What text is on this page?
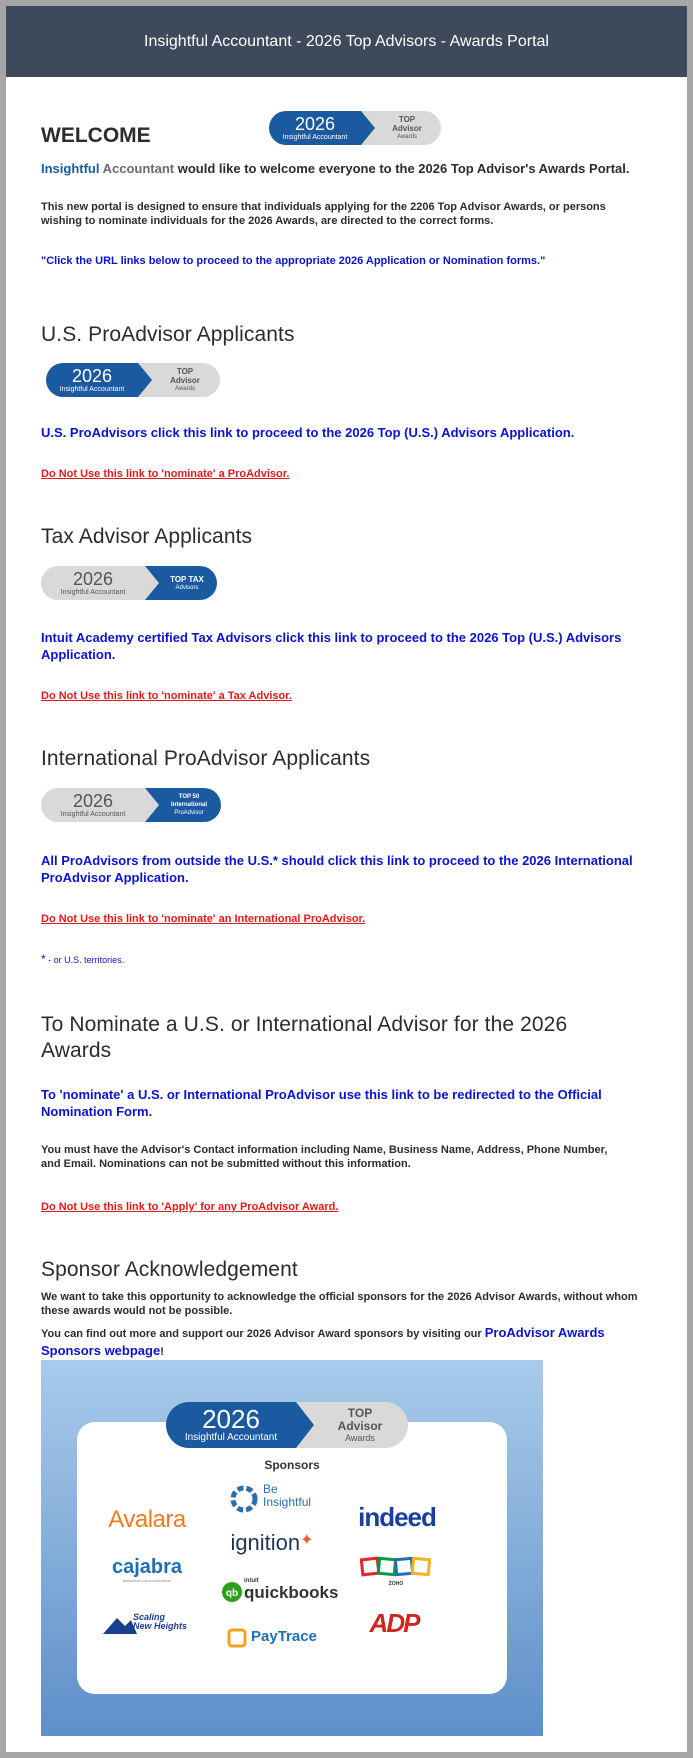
Insightful Accountant - 2026 Top Advisors - Awards Portal
WELCOME
2026
Insightful Accountant
TOP
Advisor
Awards
Insightful Accountant would like to welcome everyone to the 2026 Top Advisor's Awards Portal.
This new portal is designed to ensure that individuals applying for the 2206 Top Advisor Awards, or persons wishing to nominate individuals for the 2026 Awards, are directed to the correct forms.
"Click the URL links below to proceed to the appropriate 2026 Application or Nomination forms."
U.S. ProAdvisor Applicants
2026
Insightful Accountant
TOP
Advisor
Awards
U.S. ProAdvisors click this link to proceed to the 2026 Top (U.S.) Advisors Application.
Do Not Use this link to 'nominate' a ProAdvisor.
Tax Advisor Applicants
2026
Insightful Accountant
TOP TAX
Advisors
Intuit Academy certified Tax Advisors click this link to proceed to the 2026 Top (U.S.) Advisors Application.
Do Not Use this link to 'nominate' a Tax Advisor.
International ProAdvisor Applicants
2026
Insightful Accountant
TOP 50
International
ProAdvisor
All ProAdvisors from outside the U.S.* should click this link to proceed to the 2026 International ProAdvisor Application.
Do Not Use this link to 'nominate' an International ProAdvisor.
* - or U.S. territories.
To Nominate a U.S. or International Advisor for the 2026 Awards
To 'nominate' a U.S. or International ProAdvisor use this link to be redirected to the Official Nomination Form.
You must have the Advisor's Contact information including Name, Business Name, Address, Phone Number, and Email. Nominations can not be submitted without this information.
Do Not Use this link to 'Apply' for any ProAdvisor Award.
Sponsor Acknowledgement
We want to take this opportunity to acknowledge the official sponsors for the 2026 Advisor Awards, without whom these awards would not be possible.
You can find out more and support our 2026 Advisor Award sponsors by visiting our ProAdvisor Awards Sponsors webpage!
2026
Insightful Accountant
TOP
Advisor
Awards
Sponsors
Be
Insightful
Avalara	indeed
ignition✦
cajabra
MARKETING FOR ACCOUNTANTS	ZOHO
qb
intuit
quickbooks
Scaling
New Heights
PayTrace ADP
